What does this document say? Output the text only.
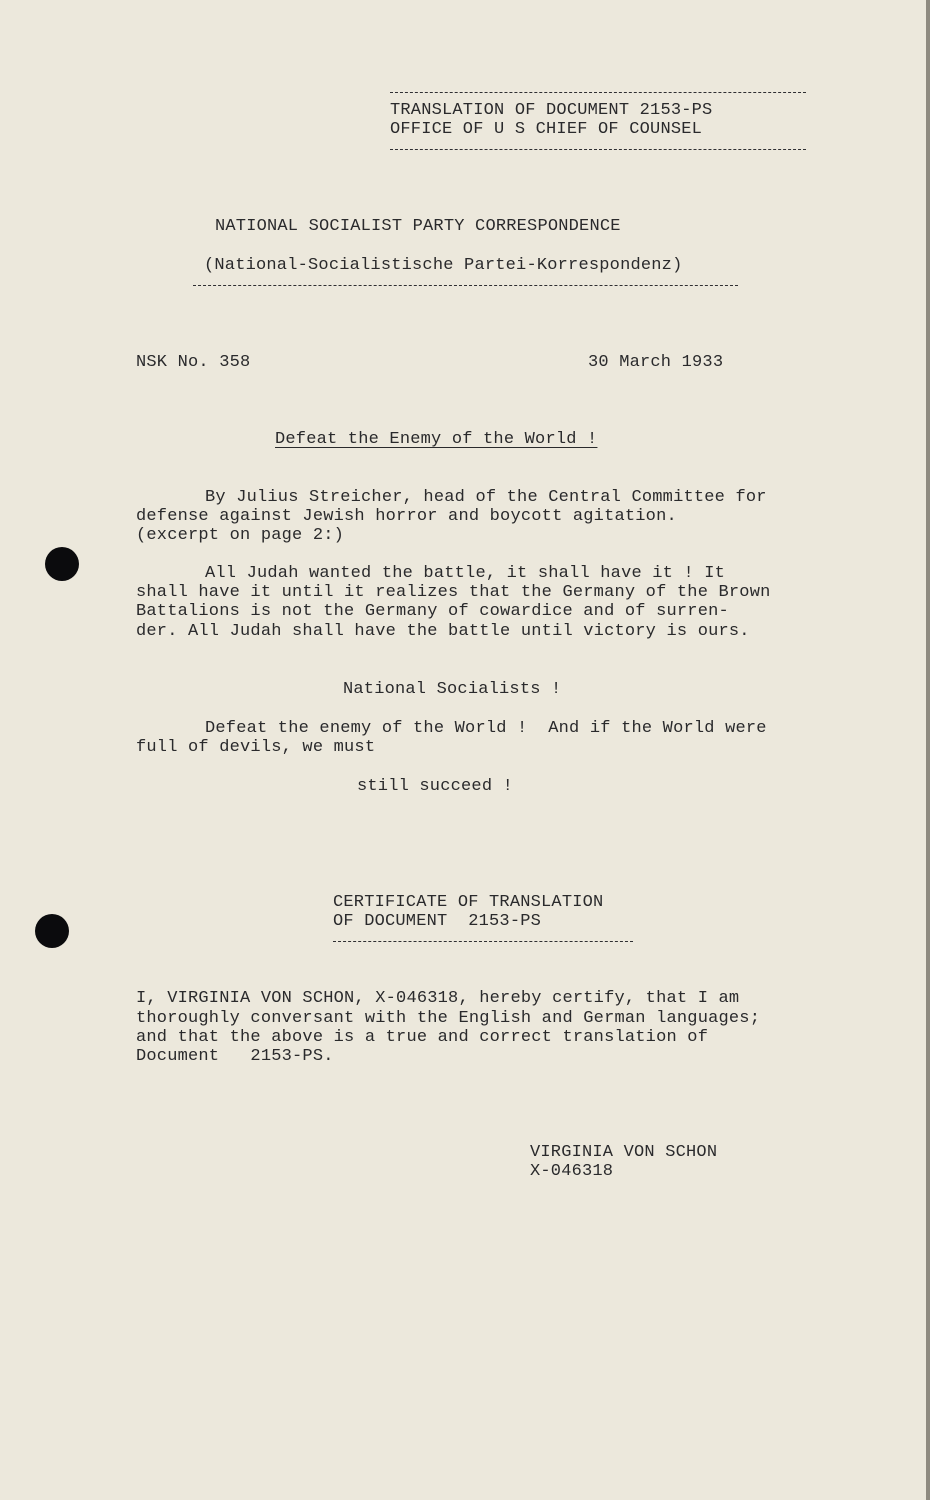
TRANSLATION OF DOCUMENT 2153-PS
OFFICE OF U S CHIEF OF COUNSEL
NATIONAL SOCIALIST PARTY CORRESPONDENCE
(National-Socialistische Partei-Korrespondenz)
NSK No. 358	30 March 1933
Defeat the Enemy of the World !
By Julius Streicher, head of the Central Committee for
defense against Jewish horror and boycott agitation.
(excerpt on page 2:)
All Judah wanted the battle, it shall have it ! It
shall have it until it realizes that the Germany of the Brown
Battalions is not the Germany of cowardice and of surren-
der. All Judah shall have the battle until victory is ours.
National Socialists !
Defeat the enemy of the World !  And if the World were
full of devils, we must
still succeed !
CERTIFICATE OF TRANSLATION
OF DOCUMENT  2153-PS
I, VIRGINIA VON SCHON, X-046318, hereby certify, that I am
thoroughly conversant with the English and German languages;
and that the above is a true and correct translation of
Document   2153-PS.
VIRGINIA VON SCHON
X-046318
